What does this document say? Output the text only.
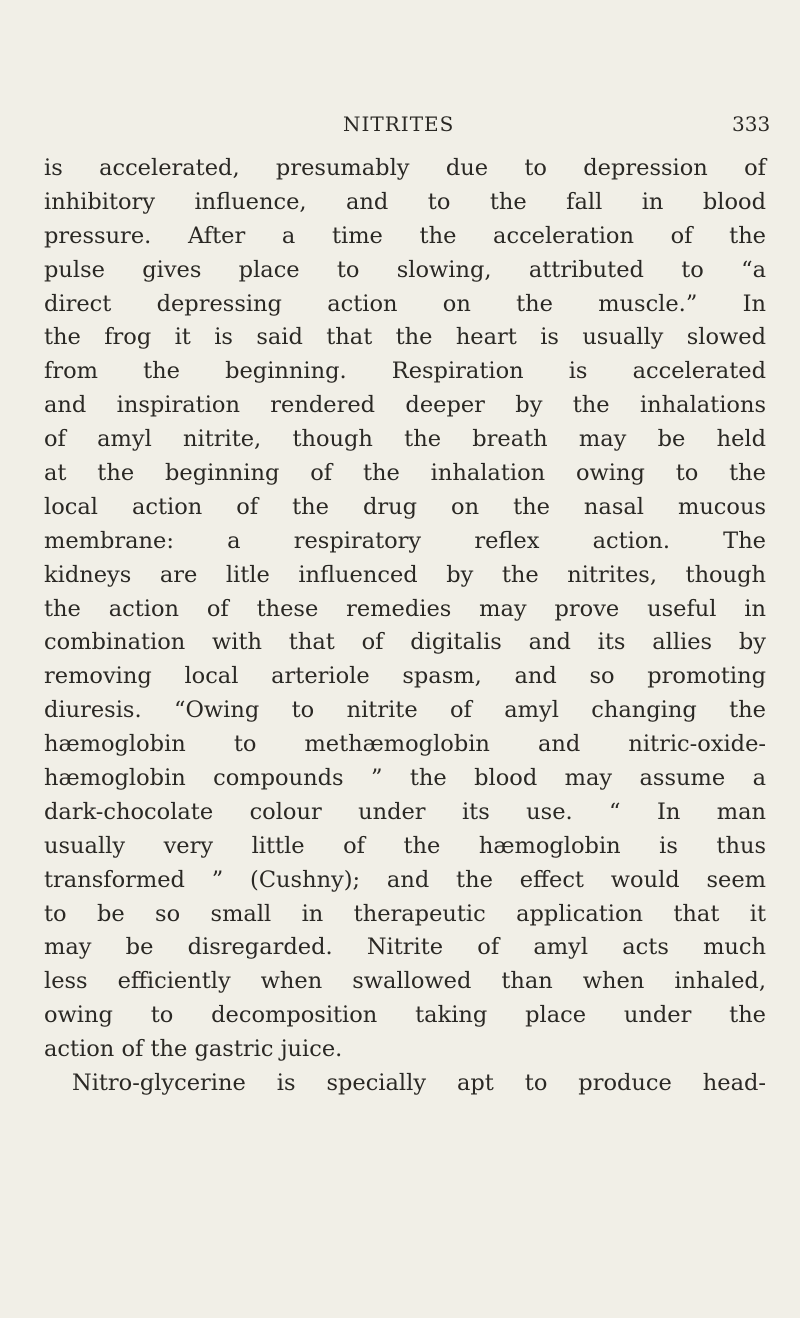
NITRITES	333
is accelerated, presumably due to depression of
inhibitory influence, and to the fall in blood
pressure. After a time the acceleration of the
pulse gives place to slowing, attributed to “a
direct depressing action on the muscle.” In
the frog it is said that the heart is usually slowed
from the beginning. Respiration is accelerated
and inspiration rendered deeper by the inhalations
of amyl nitrite, though the breath may be held
at the beginning of the inhalation owing to the
local action of the drug on the nasal mucous
membrane: a respiratory reflex action. The
kidneys are litle influenced by the nitrites, though
the action of these remedies may prove useful in
combination with that of digitalis and its allies by
removing local arteriole spasm, and so promoting
diuresis. “Owing to nitrite of amyl changing the
hæmoglobin to methæmoglobin and nitric-oxide-
hæmoglobin compounds ” the blood may assume a
dark-chocolate colour under its use. “ In man
usually very little of the hæmoglobin is thus
transformed ” (Cushny); and the effect would seem
to be so small in therapeutic application that it
may be disregarded. Nitrite of amyl acts much
less efficiently when swallowed than when inhaled,
owing to decomposition taking place under the
action of the gastric juice.
Nitro-glycerine is specially apt to produce head-
